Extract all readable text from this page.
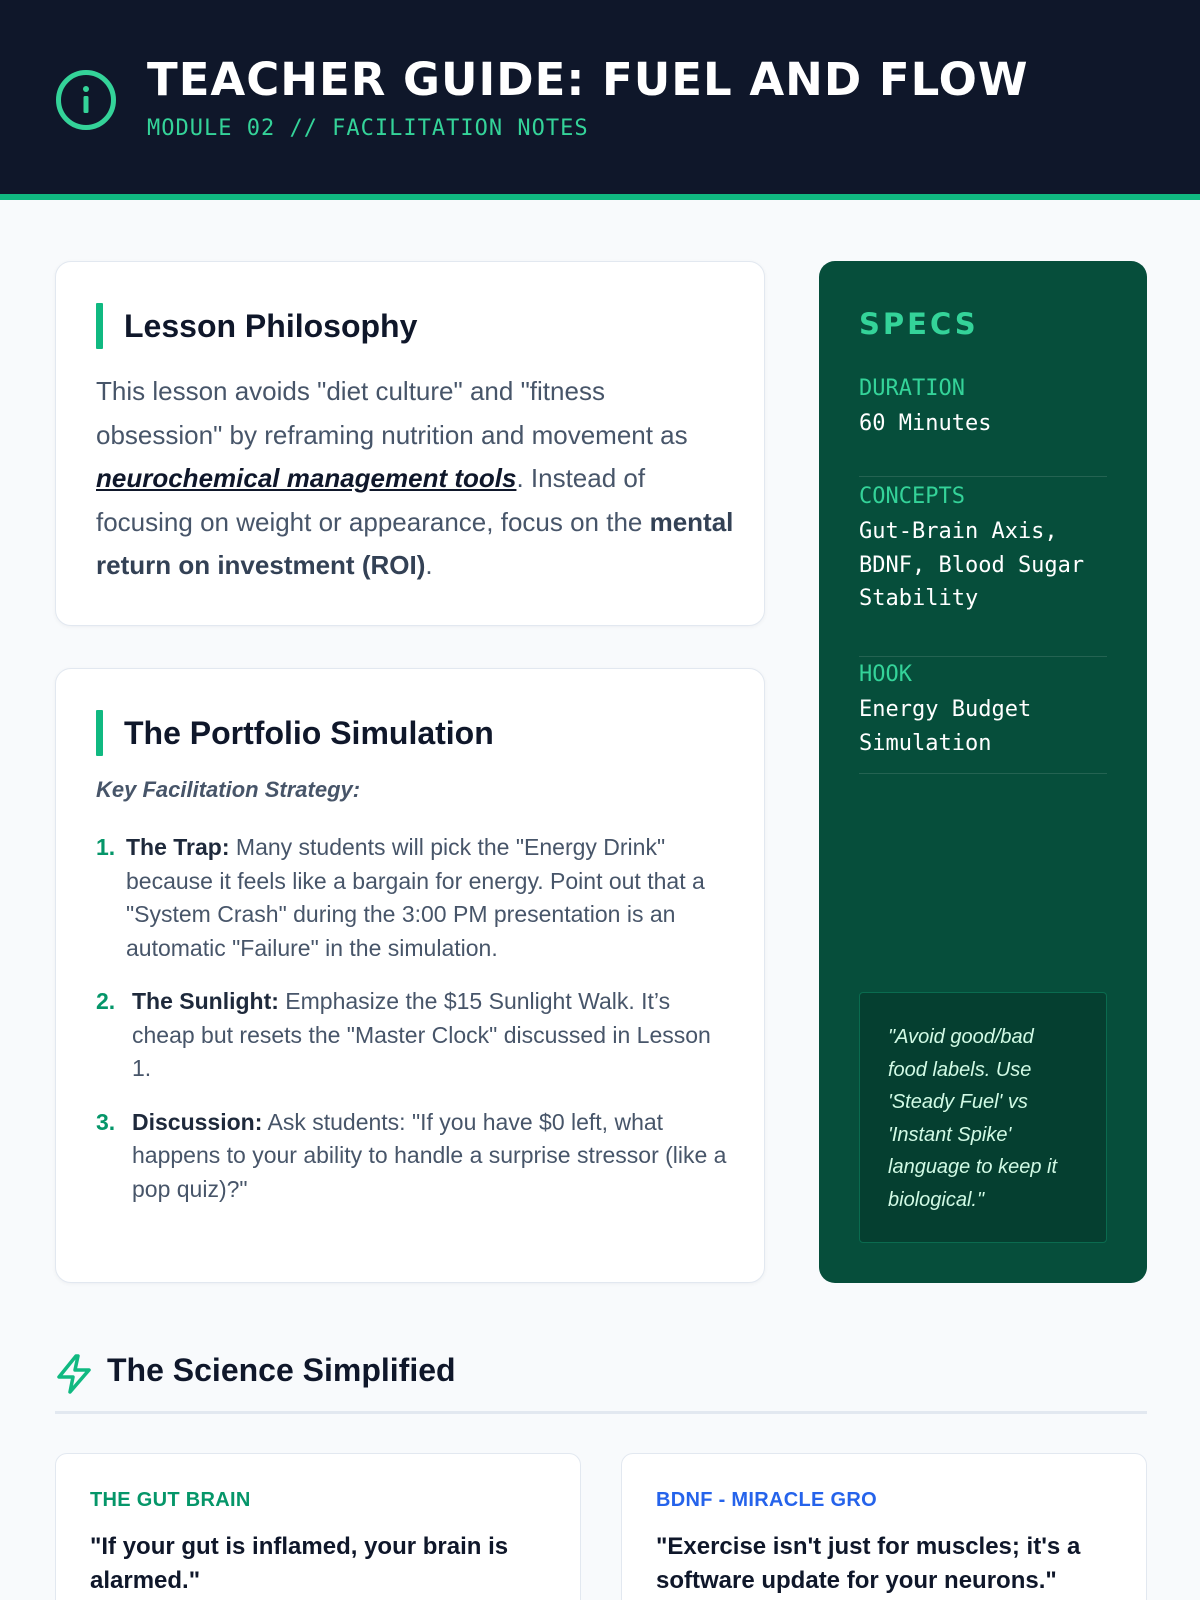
TEACHER GUIDE: FUEL AND FLOW
MODULE 02 // FACILITATION NOTES
Lesson Philosophy

This lesson avoids "diet culture" and "fitness obsession" by reframing nutrition and movement as neurochemical management tools. Instead of focusing on weight or appearance, focus on the mental return on investment (ROI).

The Portfolio Simulation
Key Facilitation Strategy:
1. The Trap: Many students will pick the "Energy Drink" because it feels like a bargain for energy. Point out that a "System Crash" during the 3:00 PM presentation is an automatic "Failure" in the simulation.
2. The Sunlight: Emphasize the $15 Sunlight Walk. It’s cheap but resets the "Master Clock" discussed in Lesson 1.
3. Discussion: Ask students: "If you have $0 left, what happens to your ability to handle a surprise stressor (like a pop quiz)?"
SPECS
DURATION
60 Minutes
CONCEPTS
Gut-Brain Axis, BDNF, Blood Sugar Stability
HOOK
Energy Budget Simulation

"Avoid good/bad food labels. Use 'Steady Fuel' vs 'Instant Spike' language to keep it biological."

The Science Simplified
THE GUT BRAIN
"If your gut is inflamed, your brain is alarmed."
BDNF - MIRACLE GRO
"Exercise isn't just for muscles; it's a software update for your neurons."
